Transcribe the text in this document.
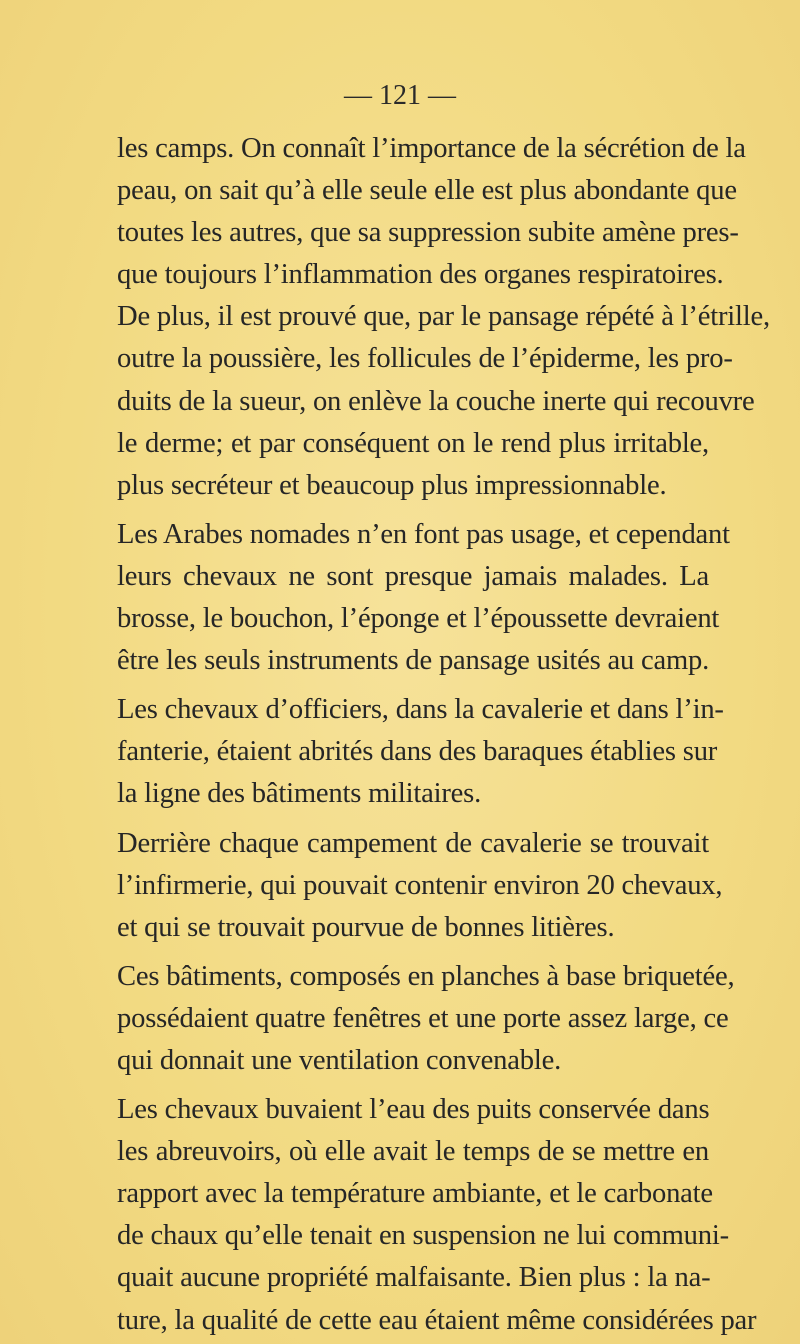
— 121 —
les camps. On connaît l’importance de la sécrétion de la
peau, on sait qu’à elle seule elle est plus abondante que
toutes les autres, que sa suppression subite amène pres-
que toujours l’inflammation des organes respiratoires.
De plus, il est prouvé que, par le pansage répété à l’étrille,
outre la poussière, les follicules de l’épiderme, les pro-
duits de la sueur, on enlève la couche inerte qui recouvre
le derme; et par conséquent on le rend plus irritable,
plus secréteur et beaucoup plus impressionnable.
Les Arabes nomades n’en font pas usage, et cependant
leurs chevaux ne sont presque jamais malades. La
brosse, le bouchon, l’éponge et l’époussette devraient
être les seuls instruments de pansage usités au camp.
Les chevaux d’officiers, dans la cavalerie et dans l’in-
fanterie, étaient abrités dans des baraques établies sur
la ligne des bâtiments militaires.
Derrière chaque campement de cavalerie se trouvait
l’infirmerie, qui pouvait contenir environ 20 chevaux,
et qui se trouvait pourvue de bonnes litières.
Ces bâtiments, composés en planches à base briquetée,
possédaient quatre fenêtres et une porte assez large, ce
qui donnait une ventilation convenable.
Les chevaux buvaient l’eau des puits conservée dans
les abreuvoirs, où elle avait le temps de se mettre en
rapport avec la température ambiante, et le carbonate
de chaux qu’elle tenait en suspension ne lui communi-
quait aucune propriété malfaisante. Bien plus : la na-
ture, la qualité de cette eau étaient même considérées par
